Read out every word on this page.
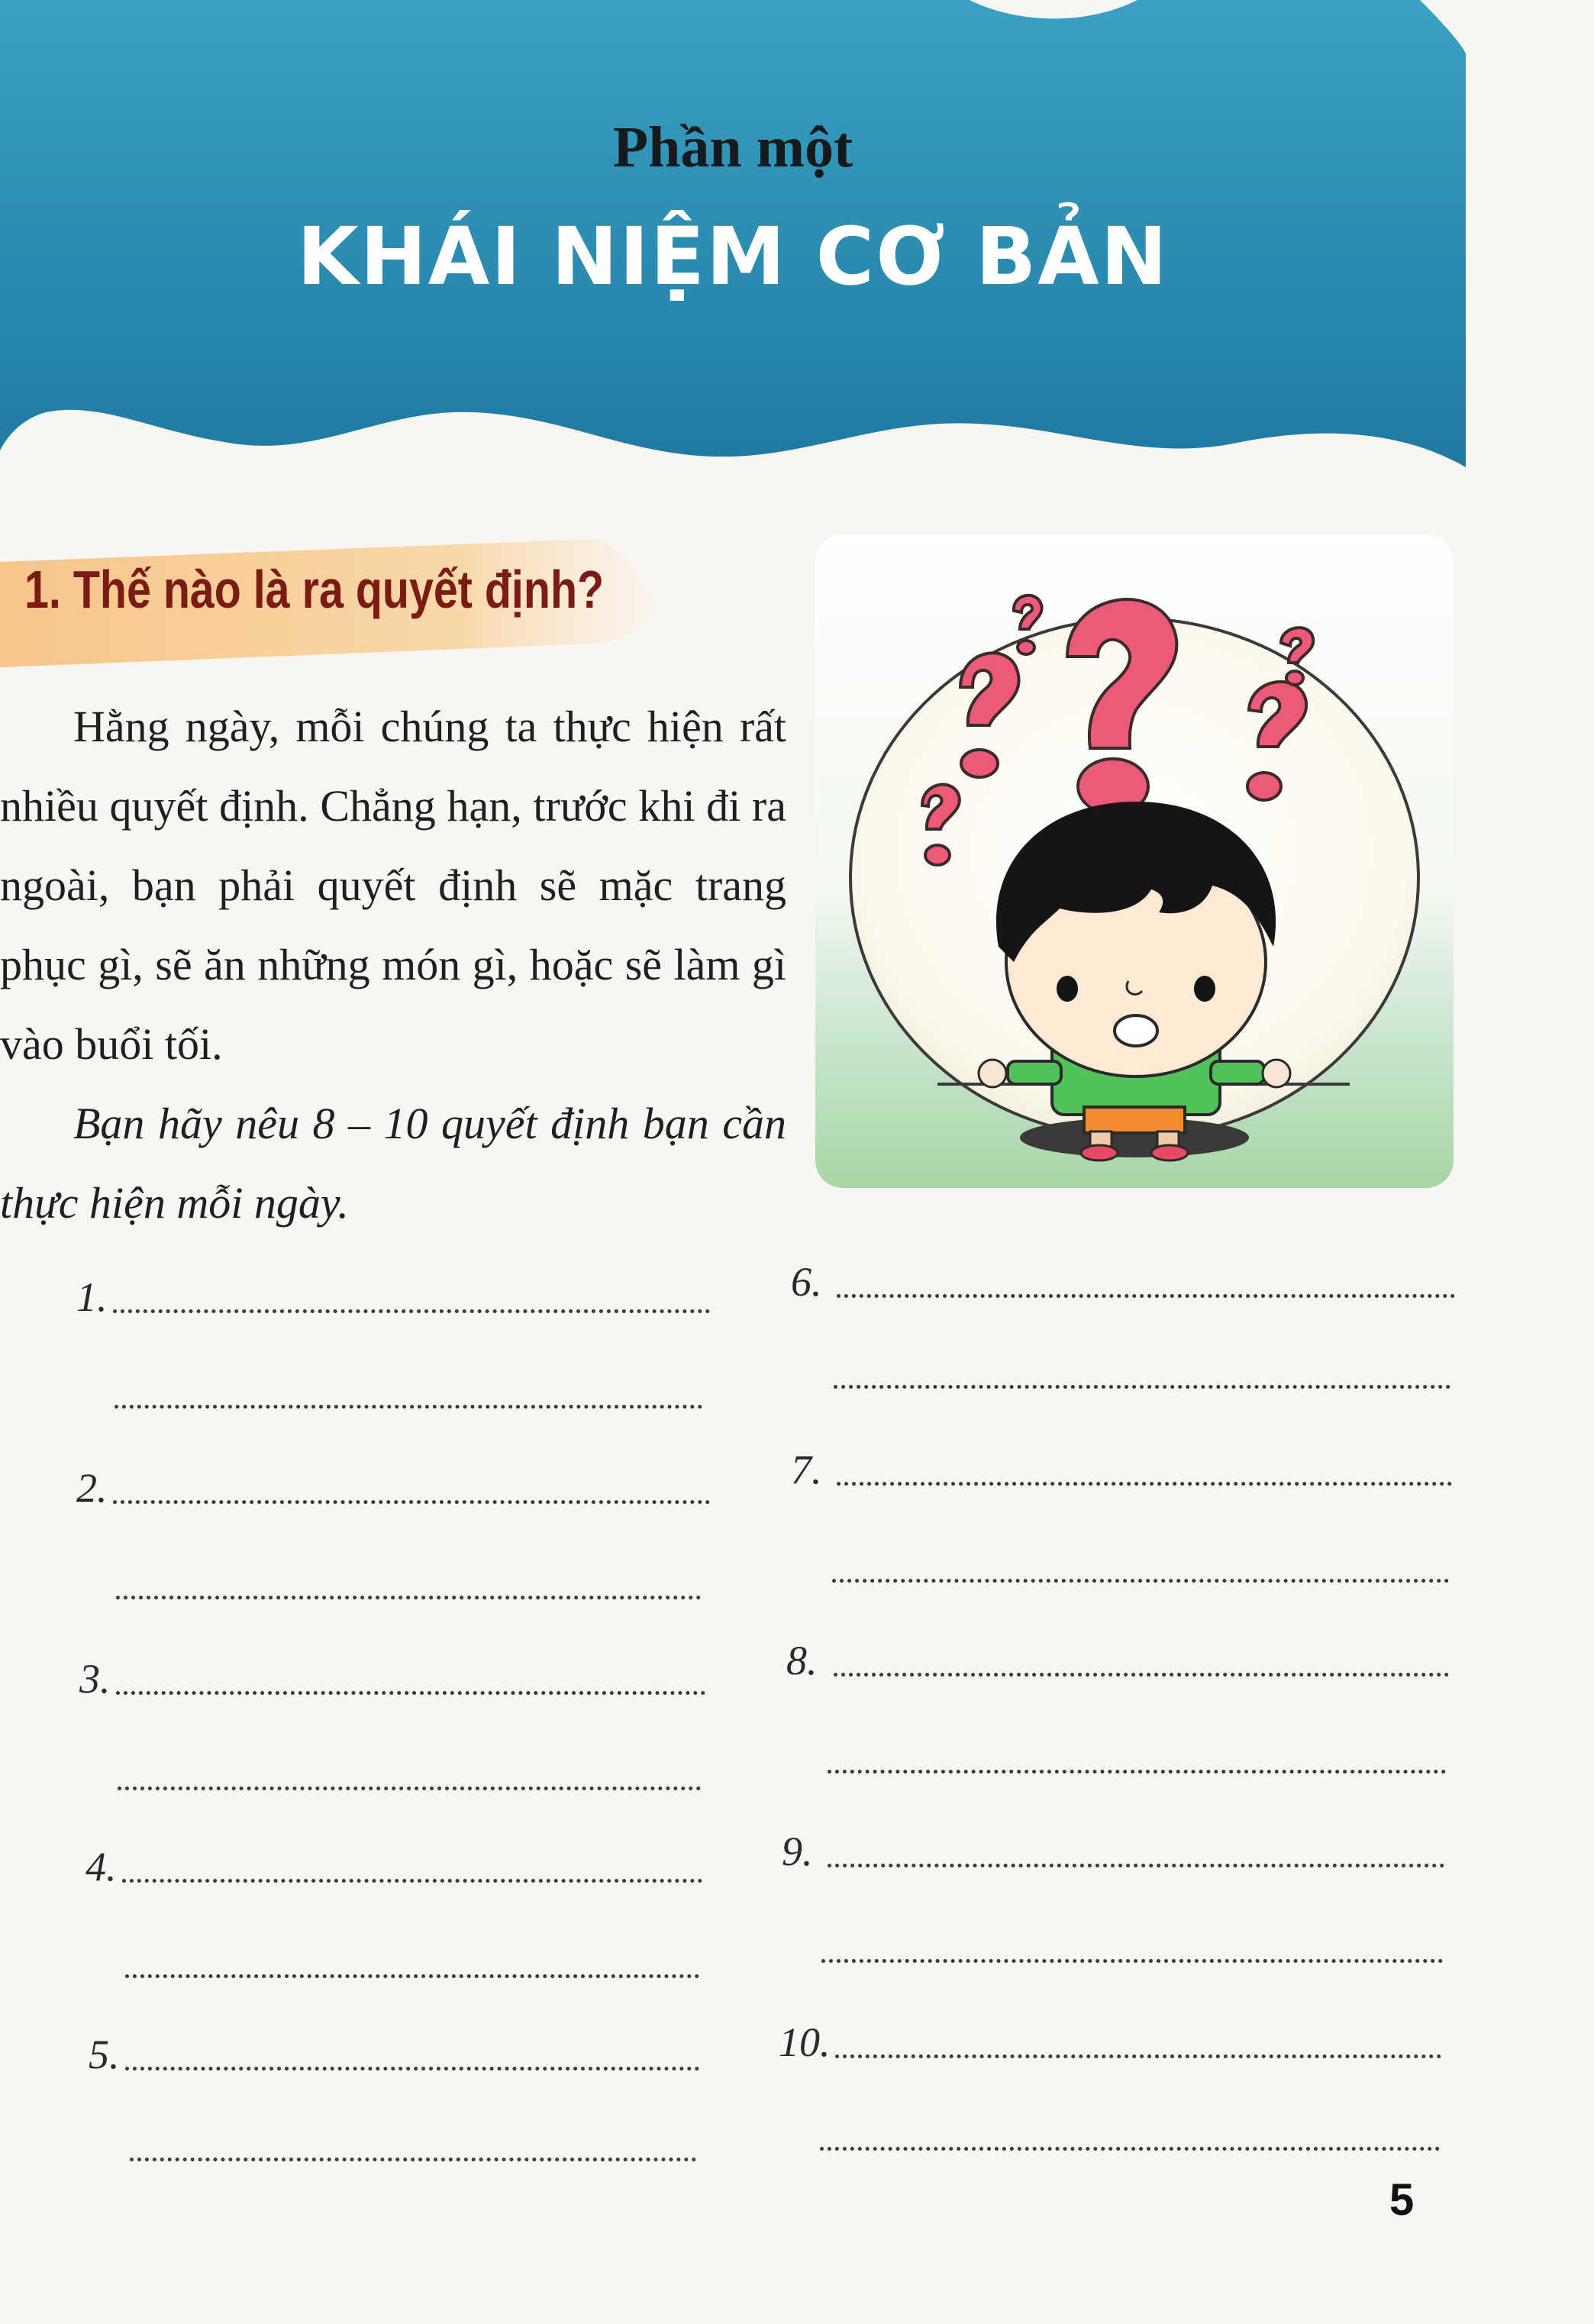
Phần một
KHÁI NIỆM CƠ BẢN
1. Thế nào là ra quyết định?

Hằng ngày, mỗi chúng ta thực hiện rất nhiều quyết định. Chẳng hạn, trước khi đi ra ngoài, bạn phải quyết định sẽ mặc trang phục gì, sẽ ăn những món gì, hoặc sẽ làm gì vào buổi tối.

Bạn hãy nêu 8 – 10 quyết định bạn cần thực hiện mỗi ngày.

1.
2.
3.
4.
5.
6.
7.
8.
9.
10.
5
